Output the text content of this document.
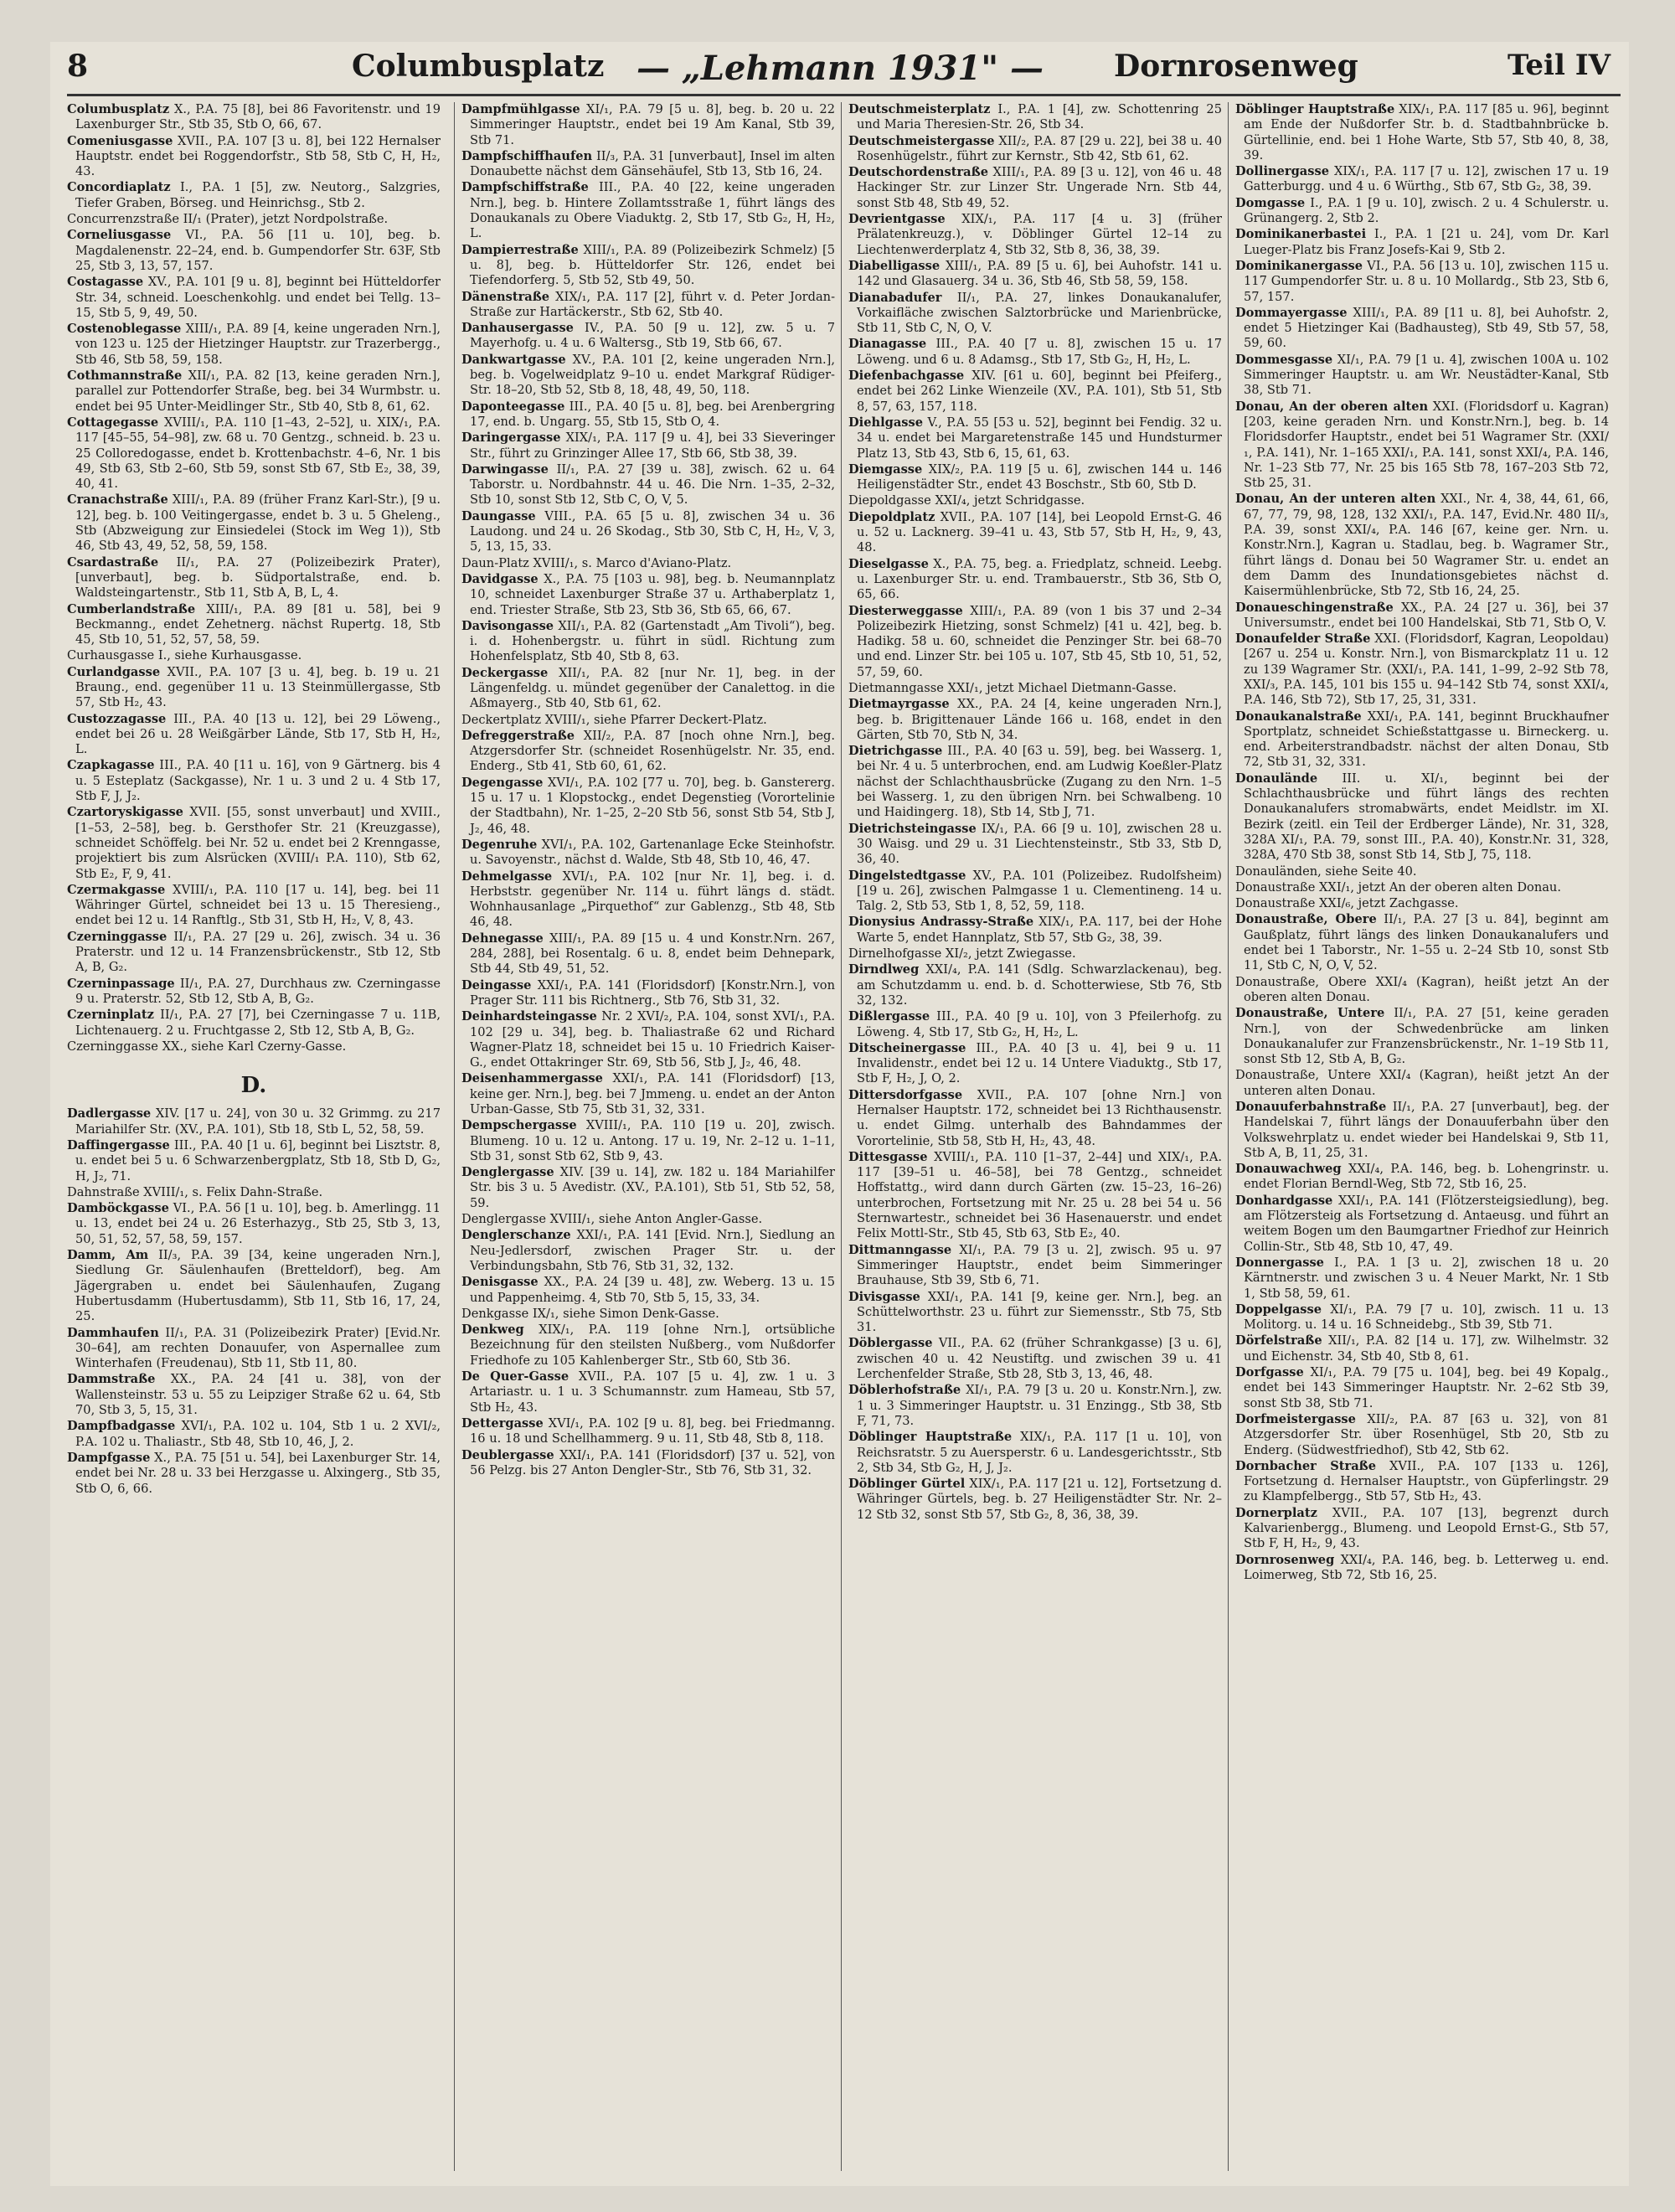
8	Columbusplatz — „Lehmann 1931" — Dornrosenweg	Teil IV
Columbusplatz X., P.A. 75 [8], bei 86 Favoritenstr. und 19 Laxenburger Str., Stb 35, Stb O, 66, 67.
Comeniusgasse XVII., P.A. 107 [3 u. 8], bei 122 Hernalser Hauptstr. endet bei Roggendorfstr., Stb 58, Stb C, H, H₂, 43.
Concordiaplatz I., P.A. 1 [5], zw. Neutorg., Salzgries, Tiefer Graben, Börseg. und Heinrichsg., Stb 2.
Concurrenzstraße II/₁ (Prater), jetzt Nordpolstraße.
Corneliusgasse VI., P.A. 56 [11 u. 10], beg. b. Magdalenenstr. 22–24, end. b. Gumpendorfer Str. 63F, Stb 25, Stb 3, 13, 57, 157.
Costagasse XV., P.A. 101 [9 u. 8], beginnt bei Hütteldorfer Str. 34, schneid. Loeschenkohlg. und endet bei Tellg. 13–15, Stb 5, 9, 49, 50.
Costenoblegasse XIII/₁, P.A. 89 [4, keine ungeraden Nrn.], von 123 u. 125 der Hietzinger Hauptstr. zur Trazerbergg., Stb 46, Stb 58, 59, 158.
Cothmannstraße XII/₁, P.A. 82 [13, keine geraden Nrn.], parallel zur Pottendorfer Straße, beg. bei 34 Wurmbstr. u. endet bei 95 Unter-Meidlinger Str., Stb 40, Stb 8, 61, 62.
Cottagegasse XVIII/₁, P.A. 110 [1–43, 2–52], u. XIX/₁, P.A. 117 [45–55, 54–98], zw. 68 u. 70 Gentzg., schneid. b. 23 u. 25 Colloredogasse, endet b. Krottenbachstr. 4–6, Nr. 1 bis 49, Stb 63, Stb 2–60, Stb 59, sonst Stb 67, Stb E₂, 38, 39, 40, 41.
Cranachstraße XIII/₁, P.A. 89 (früher Franz Karl-Str.), [9 u. 12], beg. b. 100 Veitingergasse, endet b. 3 u. 5 Gheleng., Stb (Abzweigung zur Einsiedelei (Stock im Weg 1)), Stb 46, Stb 43, 49, 52, 58, 59, 158.
Csardastraße II/₁, P.A. 27 (Polizeibezirk Prater), [unverbaut], beg. b. Südportalstraße, end. b. Waldsteingartenstr., Stb 11, Stb A, B, L, 4.
Cumberlandstraße XIII/₁, P.A. 89 [81 u. 58], bei 9 Beckmanng., endet Zehetnerg. nächst Rupertg. 18, Stb 45, Stb 10, 51, 52, 57, 58, 59.
Curhausgasse I., siehe Kurhausgasse.
Curlandgasse XVII., P.A. 107 [3 u. 4], beg. b. 19 u. 21 Braung., end. gegenüber 11 u. 13 Steinmüllergasse, Stb 57, Stb H₂, 43.
Custozzagasse III., P.A. 40 [13 u. 12], bei 29 Löweng., endet bei 26 u. 28 Weißgärber Lände, Stb 17, Stb H, H₂, L.
Czapkagasse III., P.A. 40 [11 u. 16], von 9 Gärtnerg. bis 4 u. 5 Esteplatz (Sackgasse), Nr. 1 u. 3 und 2 u. 4 Stb 17, Stb F, J, J₂.
Czartoryskigasse XVII. [55, sonst unverbaut] und XVIII., [1–53, 2–58], beg. b. Gersthofer Str. 21 (Kreuzgasse), schneidet Schöffelg. bei Nr. 52 u. endet bei 2 Krenngasse, projektiert bis zum Alsrücken (XVIII/₁ P.A. 110), Stb 62, Stb E₂, F, 9, 41.
Czermakgasse XVIII/₁, P.A. 110 [17 u. 14], beg. bei 11 Währinger Gürtel, schneidet bei 13 u. 15 Theresieng., endet bei 12 u. 14 Ranftlg., Stb 31, Stb H, H₂, V, 8, 43.
Czerninggasse II/₁, P.A. 27 [29 u. 26], zwisch. 34 u. 36 Praterstr. und 12 u. 14 Franzensbrückenstr., Stb 12, Stb A, B, G₂.
Czerninpassage II/₁, P.A. 27, Durchhaus zw. Czerningasse 9 u. Praterstr. 52, Stb 12, Stb A, B, G₂.
Czerninplatz II/₁, P.A. 27 [7], bei Czerningasse 7 u. 11B, Lichtenauerg. 2 u. Fruchtgasse 2, Stb 12, Stb A, B, G₂.
Czerninggasse XX., siehe Karl Czerny-Gasse.
D.
Dadlergasse XIV. [17 u. 24], von 30 u. 32 Grimmg. zu 217 Mariahilfer Str. (XV., P.A. 101), Stb 18, Stb L, 52, 58, 59.
Daffingergasse III., P.A. 40 [1 u. 6], beginnt bei Lisztstr. 8, u. endet bei 5 u. 6 Schwarzenbergplatz, Stb 18, Stb D, G₂, H, J₂, 71.
Dahnstraße XVIII/₁, s. Felix Dahn-Straße.
Damböckgasse VI., P.A. 56 [1 u. 10], beg. b. Amerlingg. 11 u. 13, endet bei 24 u. 26 Esterhazyg., Stb 25, Stb 3, 13, 50, 51, 52, 57, 58, 59, 157.
Damm, Am II/₃, P.A. 39 [34, keine ungeraden Nrn.], Siedlung Gr. Säulenhaufen (Bretteldorf), beg. Am Jägergraben u. endet bei Säulenhaufen, Zugang Hubertusdamm (Hubertusdamm), Stb 11, Stb 16, 17, 24, 25.
Dammhaufen II/₁, P.A. 31 (Polizeibezirk Prater) [Evid.Nr. 30–64], am rechten Donauufer, von Aspernallee zum Winterhafen (Freudenau), Stb 11, Stb 11, 80.
Dammstraße XX., P.A. 24 [41 u. 38], von der Wallensteinstr. 53 u. 55 zu Leipziger Straße 62 u. 64, Stb 70, Stb 3, 5, 15, 31.
Dampfbadgasse XVI/₁, P.A. 102 u. 104, Stb 1 u. 2 XVI/₂, P.A. 102 u. Thaliastr., Stb 48, Stb 10, 46, J, 2.
Dampfgasse X., P.A. 75 [51 u. 54], bei Laxenburger Str. 14, endet bei Nr. 28 u. 33 bei Herzgasse u. Alxingerg., Stb 35, Stb O, 6, 66.
Dampfmühlgasse XI/₁, P.A. 79 [5 u. 8], beg. b. 20 u. 22 Simmeringer Hauptstr., endet bei 19 Am Kanal, Stb 39, Stb 71.
Dampfschiffhaufen II/₃, P.A. 31 [unverbaut], Insel im alten Donaubette nächst dem Gänsehäufel, Stb 13, Stb 16, 24.
Dampfschiffstraße III., P.A. 40 [22, keine ungeraden Nrn.], beg. b. Hintere Zollamtsstraße 1, führt längs des Donaukanals zu Obere Viaduktg. 2, Stb 17, Stb G₂, H, H₂, L.
Dampierrestraße XIII/₁, P.A. 89 (Polizeibezirk Schmelz) [5 u. 8], beg. b. Hütteldorfer Str. 126, endet bei Tiefendorferg. 5, Stb 52, Stb 49, 50.
Dänenstraße XIX/₁, P.A. 117 [2], führt v. d. Peter Jordan-Straße zur Hartäckerstr., Stb 62, Stb 40.
Danhausergasse IV., P.A. 50 [9 u. 12], zw. 5 u. 7 Mayerhofg. u. 4 u. 6 Waltersg., Stb 19, Stb 66, 67.
Dankwartgasse XV., P.A. 101 [2, keine ungeraden Nrn.], beg. b. Vogelweidplatz 9–10 u. endet Markgraf Rüdiger-Str. 18–20, Stb 52, Stb 8, 18, 48, 49, 50, 118.
Daponteegasse III., P.A. 40 [5 u. 8], beg. bei Arenbergring 17, end. b. Ungarg. 55, Stb 15, Stb O, 4.
Daringergasse XIX/₁, P.A. 117 [9 u. 4], bei 33 Sieveringer Str., führt zu Grinzinger Allee 17, Stb 66, Stb 38, 39.
Darwingasse II/₁, P.A. 27 [39 u. 38], zwisch. 62 u. 64 Taborstr. u. Nordbahnstr. 44 u. 46. Die Nrn. 1–35, 2–32, Stb 10, sonst Stb 12, Stb C, O, V, 5.
Daungasse VIII., P.A. 65 [5 u. 8], zwischen 34 u. 36 Laudong. und 24 u. 26 Skodag., Stb 30, Stb C, H, H₂, V, 3, 5, 13, 15, 33.
Daun-Platz XVIII/₁, s. Marco d'Aviano-Platz.
Davidgasse X., P.A. 75 [103 u. 98], beg. b. Neumannplatz 10, schneidet Laxenburger Straße 37 u. Arthaberplatz 1, end. Triester Straße, Stb 23, Stb 36, Stb 65, 66, 67.
Davisongasse XII/₁, P.A. 82 (Gartenstadt „Am Tivoli“), beg. i. d. Hohenbergstr. u. führt in südl. Richtung zum Hohenfelsplatz, Stb 40, Stb 8, 63.
Deckergasse XII/₁, P.A. 82 [nur Nr. 1], beg. in der Längenfeldg. u. mündet gegenüber der Canalettog. in die Aßmayerg., Stb 40, Stb 61, 62.
Deckertplatz XVIII/₁, siehe Pfarrer Deckert-Platz.
Defreggerstraße XII/₂, P.A. 87 [noch ohne Nrn.], beg. Atzgersdorfer Str. (schneidet Rosenhügelstr. Nr. 35, end. Enderg., Stb 41, Stb 60, 61, 62.
Degengasse XVI/₁, P.A. 102 [77 u. 70], beg. b. Ganstererg. 15 u. 17 u. 1 Klopstockg., endet Degenstieg (Vorortelinie der Stadtbahn), Nr. 1–25, 2–20 Stb 56, sonst Stb 54, Stb J, J₂, 46, 48.
Degenruhe XVI/₁, P.A. 102, Gartenanlage Ecke Steinhofstr. u. Savoyenstr., nächst d. Walde, Stb 48, Stb 10, 46, 47.
Dehmelgasse XVI/₁, P.A. 102 [nur Nr. 1], beg. i. d. Herbststr. gegenüber Nr. 114 u. führt längs d. städt. Wohnhausanlage „Pirquethof“ zur Gablenzg., Stb 48, Stb 46, 48.
Dehnegasse XIII/₁, P.A. 89 [15 u. 4 und Konstr.Nrn. 267, 284, 288], bei Rosentalg. 6 u. 8, endet beim Dehnepark, Stb 44, Stb 49, 51, 52.
Deingasse XXI/₁, P.A. 141 (Floridsdorf) [Konstr.Nrn.], von Prager Str. 111 bis Richtnerg., Stb 76, Stb 31, 32.
Deinhardsteingasse Nr. 2 XVI/₂, P.A. 104, sonst XVI/₁, P.A. 102 [29 u. 34], beg. b. Thaliastraße 62 und Richard Wagner-Platz 18, schneidet bei 15 u. 10 Friedrich Kaiser-G., endet Ottakringer Str. 69, Stb 56, Stb J, J₂, 46, 48.
Deisenhammergasse XXI/₁, P.A. 141 (Floridsdorf) [13, keine ger. Nrn.], beg. bei 7 Jmmeng. u. endet an der Anton Urban-Gasse, Stb 75, Stb 31, 32, 331.
Dempschergasse XVIII/₁, P.A. 110 [19 u. 20], zwisch. Blumeng. 10 u. 12 u. Antong. 17 u. 19, Nr. 2–12 u. 1–11, Stb 31, sonst Stb 62, Stb 9, 43.
Denglergasse XIV. [39 u. 14], zw. 182 u. 184 Mariahilfer Str. bis 3 u. 5 Avedistr. (XV., P.A.101), Stb 51, Stb 52, 58, 59.
Denglergasse XVIII/₁, siehe Anton Angler-Gasse.
Denglerschanze XXI/₁, P.A. 141 [Evid. Nrn.], Siedlung an Neu-Jedlersdorf, zwischen Prager Str. u. der Verbindungsbahn, Stb 76, Stb 31, 32, 132.
Denisgasse XX., P.A. 24 [39 u. 48], zw. Weberg. 13 u. 15 und Pappenheimg. 4, Stb 70, Stb 5, 15, 33, 34.
Denkgasse IX/₁, siehe Simon Denk-Gasse.
Denkweg XIX/₁, P.A. 119 [ohne Nrn.], ortsübliche Bezeichnung für den steilsten Nußberg., vom Nußdorfer Friedhofe zu 105 Kahlenberger Str., Stb 60, Stb 36.
De Quer-Gasse XVII., P.A. 107 [5 u. 4], zw. 1 u. 3 Artariastr. u. 1 u. 3 Schumannstr. zum Hameau, Stb 57, Stb H₂, 43.
Dettergasse XVI/₁, P.A. 102 [9 u. 8], beg. bei Friedmanng. 16 u. 18 und Schellhammerg. 9 u. 11, Stb 48, Stb 8, 118.
Deublergasse XXI/₁, P.A. 141 (Floridsdorf) [37 u. 52], von 56 Pelzg. bis 27 Anton Dengler-Str., Stb 76, Stb 31, 32.
Deutschmeisterplatz I., P.A. 1 [4], zw. Schottenring 25 und Maria Theresien-Str. 26, Stb 34.
Deutschmeistergasse XII/₂, P.A. 87 [29 u. 22], bei 38 u. 40 Rosenhügelstr., führt zur Kernstr., Stb 42, Stb 61, 62.
Deutschordenstraße XIII/₁, P.A. 89 [3 u. 12], von 46 u. 48 Hackinger Str. zur Linzer Str. Ungerade Nrn. Stb 44, sonst Stb 48, Stb 49, 52.
Devrientgasse XIX/₁, P.A. 117 [4 u. 3] (früher Prälatenkreuzg.), v. Döblinger Gürtel 12–14 zu Liechtenwerderplatz 4, Stb 32, Stb 8, 36, 38, 39.
Diabelligasse XIII/₁, P.A. 89 [5 u. 6], bei Auhofstr. 141 u. 142 und Glasauerg. 34 u. 36, Stb 46, Stb 58, 59, 158.
Dianabadufer II/₁, P.A. 27, linkes Donaukanalufer, Vorkaifläche zwischen Salztorbrücke und Marienbrücke, Stb 11, Stb C, N, O, V.
Dianagasse III., P.A. 40 [7 u. 8], zwischen 15 u. 17 Löweng. und 6 u. 8 Adamsg., Stb 17, Stb G₂, H, H₂, L.
Diefenbachgasse XIV. [61 u. 60], beginnt bei Pfeiferg., endet bei 262 Linke Wienzeile (XV., P.A. 101), Stb 51, Stb 8, 57, 63, 157, 118.
Diehlgasse V., P.A. 55 [53 u. 52], beginnt bei Fendig. 32 u. 34 u. endet bei Margaretenstraße 145 und Hundsturmer Platz 13, Stb 43, Stb 6, 15, 61, 63.
Diemgasse XIX/₂, P.A. 119 [5 u. 6], zwischen 144 u. 146 Heiligenstädter Str., endet 43 Boschstr., Stb 60, Stb D.
Diepoldgasse XXI/₄, jetzt Schridgasse.
Diepoldplatz XVII., P.A. 107 [14], bei Leopold Ernst-G. 46 u. 52 u. Lacknerg. 39–41 u. 43, Stb 57, Stb H, H₂, 9, 43, 48.
Dieselgasse X., P.A. 75, beg. a. Friedplatz, schneid. Leebg. u. Laxenburger Str. u. end. Trambauerstr., Stb 36, Stb O, 65, 66.
Diesterweggasse XIII/₁, P.A. 89 (von 1 bis 37 und 2–34 Polizeibezirk Hietzing, sonst Schmelz) [41 u. 42], beg. b. Hadikg. 58 u. 60, schneidet die Penzinger Str. bei 68–70 und end. Linzer Str. bei 105 u. 107, Stb 45, Stb 10, 51, 52, 57, 59, 60.
Dietmanngasse XXI/₁, jetzt Michael Dietmann-Gasse.
Dietmayrgasse XX., P.A. 24 [4, keine ungeraden Nrn.], beg. b. Brigittenauer Lände 166 u. 168, endet in den Gärten, Stb 70, Stb N, 34.
Dietrichgasse III., P.A. 40 [63 u. 59], beg. bei Wasserg. 1, bei Nr. 4 u. 5 unterbrochen, end. am Ludwig Koeßler-Platz nächst der Schlachthausbrücke (Zugang zu den Nrn. 1–5 bei Wasserg. 1, zu den übrigen Nrn. bei Schwalbeng. 10 und Haidingerg. 18), Stb 14, Stb J, 71.
Dietrichsteingasse IX/₁, P.A. 66 [9 u. 10], zwischen 28 u. 30 Waisg. und 29 u. 31 Liechtensteinstr., Stb 33, Stb D, 36, 40.
Dingelstedtgasse XV., P.A. 101 (Polizeibez. Rudolfsheim) [19 u. 26], zwischen Palmgasse 1 u. Clementineng. 14 u. Talg. 2, Stb 53, Stb 1, 8, 52, 59, 118.
Dionysius Andrassy-Straße XIX/₁, P.A. 117, bei der Hohe Warte 5, endet Hannplatz, Stb 57, Stb G₂, 38, 39.
Dirnelhofgasse XI/₂, jetzt Zwiegasse.
Dirndlweg XXI/₄, P.A. 141 (Sdlg. Schwarzlackenau), beg. am Schutzdamm u. end. b. d. Schotterwiese, Stb 76, Stb 32, 132.
Dißlergasse III., P.A. 40 [9 u. 10], von 3 Pfeilerhofg. zu Löweng. 4, Stb 17, Stb G₂, H, H₂, L.
Ditscheinergasse III., P.A. 40 [3 u. 4], bei 9 u. 11 Invalidenstr., endet bei 12 u. 14 Untere Viaduktg., Stb 17, Stb F, H₂, J, O, 2.
Dittersdorfgasse XVII., P.A. 107 [ohne Nrn.] von Hernalser Hauptstr. 172, schneidet bei 13 Richthausenstr. u. endet Gilmg. unterhalb des Bahndammes der Vorortelinie, Stb 58, Stb H, H₂, 43, 48.
Dittesgasse XVIII/₁, P.A. 110 [1–37, 2–44] und XIX/₁, P.A. 117 [39–51 u. 46–58], bei 78 Gentzg., schneidet Hoffstattg., wird dann durch Gärten (zw. 15–23, 16–26) unterbrochen, Fortsetzung mit Nr. 25 u. 28 bei 54 u. 56 Sternwartestr., schneidet bei 36 Hasenauerstr. und endet Felix Mottl-Str., Stb 45, Stb 63, Stb E₂, 40.
Dittmanngasse XI/₁, P.A. 79 [3 u. 2], zwisch. 95 u. 97 Simmeringer Hauptstr., endet beim Simmeringer Brauhause, Stb 39, Stb 6, 71.
Divisgasse XXI/₁, P.A. 141 [9, keine ger. Nrn.], beg. an Schüttelworthstr. 23 u. führt zur Siemensstr., Stb 75, Stb 31.
Döblergasse VII., P.A. 62 (früher Schrankgasse) [3 u. 6], zwischen 40 u. 42 Neustiftg. und zwischen 39 u. 41 Lerchenfelder Straße, Stb 28, Stb 3, 13, 46, 48.
Döblerhofstraße XI/₁, P.A. 79 [3 u. 20 u. Konstr.Nrn.], zw. 1 u. 3 Simmeringer Hauptstr. u. 31 Enzingg., Stb 38, Stb F, 71, 73.
Döblinger Hauptstraße XIX/₁, P.A. 117 [1 u. 10], von Reichsratstr. 5 zu Auersperstr. 6 u. Landesgerichtsstr., Stb 2, Stb 34, Stb G₂, H, J, J₂.
Döblinger Gürtel XIX/₁, P.A. 117 [21 u. 12], Fortsetzung d. Währinger Gürtels, beg. b. 27 Heiligenstädter Str. Nr. 2–12 Stb 32, sonst Stb 57, Stb G₂, 8, 36, 38, 39.
Döblinger Hauptstraße XIX/₁, P.A. 117 [85 u. 96], beginnt am Ende der Nußdorfer Str. b. d. Stadtbahnbrücke b. Gürtellinie, end. bei 1 Hohe Warte, Stb 57, Stb 40, 8, 38, 39.
Dollinergasse XIX/₁, P.A. 117 [7 u. 12], zwischen 17 u. 19 Gatterburgg. und 4 u. 6 Würthg., Stb 67, Stb G₂, 38, 39.
Domgasse I., P.A. 1 [9 u. 10], zwisch. 2 u. 4 Schulerstr. u. Grünangerg. 2, Stb 2.
Dominikanerbastei I., P.A. 1 [21 u. 24], vom Dr. Karl Lueger-Platz bis Franz Josefs-Kai 9, Stb 2.
Dominikanergasse VI., P.A. 56 [13 u. 10], zwischen 115 u. 117 Gumpendorfer Str. u. 8 u. 10 Mollardg., Stb 23, Stb 6, 57, 157.
Dommayergasse XIII/₁, P.A. 89 [11 u. 8], bei Auhofstr. 2, endet 5 Hietzinger Kai (Badhausteg), Stb 49, Stb 57, 58, 59, 60.
Dommesgasse XI/₁, P.A. 79 [1 u. 4], zwischen 100A u. 102 Simmeringer Hauptstr. u. am Wr. Neustädter-Kanal, Stb 38, Stb 71.
Donau, An der oberen alten XXI. (Floridsdorf u. Kagran) [203, keine geraden Nrn. und Konstr.Nrn.], beg. b. 14 Floridsdorfer Hauptstr., endet bei 51 Wagramer Str. (XXI/₁, P.A. 141), Nr. 1–165 XXI/₁, P.A. 141, sonst XXI/₄, P.A. 146, Nr. 1–23 Stb 77, Nr. 25 bis 165 Stb 78, 167–203 Stb 72, Stb 25, 31.
Donau, An der unteren alten XXI., Nr. 4, 38, 44, 61, 66, 67, 77, 79, 98, 128, 132 XXI/₁, P.A. 147, Evid.Nr. 480 II/₃, P.A. 39, sonst XXI/₄, P.A. 146 [67, keine ger. Nrn. u. Konstr.Nrn.], Kagran u. Stadlau, beg. b. Wagramer Str., führt längs d. Donau bei 50 Wagramer Str. u. endet an dem Damm des Inundationsgebietes nächst d. Kaisermühlenbrücke, Stb 72, Stb 16, 24, 25.
Donaueschingenstraße XX., P.A. 24 [27 u. 36], bei 37 Universumstr., endet bei 100 Handelskai, Stb 71, Stb O, V.
Donaufelder Straße XXI. (Floridsdorf, Kagran, Leopoldau) [267 u. 254 u. Konstr. Nrn.], von Bismarckplatz 11 u. 12 zu 139 Wagramer Str. (XXI/₁, P.A. 141, 1–99, 2–92 Stb 78, XXI/₃, P.A. 145, 101 bis 155 u. 94–142 Stb 74, sonst XXI/₄, P.A. 146, Stb 72), Stb 17, 25, 31, 331.
Donaukanalstraße XXI/₁, P.A. 141, beginnt Bruckhaufner Sportplatz, schneidet Schießstattgasse u. Birneckerg. u. end. Arbeiterstrandbadstr. nächst der alten Donau, Stb 72, Stb 31, 32, 331.
Donaulände III. u. XI/₁, beginnt bei der Schlachthausbrücke und führt längs des rechten Donaukanalufers stromabwärts, endet Meidlstr. im XI. Bezirk (zeitl. ein Teil der Erdberger Lände), Nr. 31, 328, 328A XI/₁, P.A. 79, sonst III., P.A. 40), Konstr.Nr. 31, 328, 328A, 470 Stb 38, sonst Stb 14, Stb J, 75, 118.
Donauländen, siehe Seite 40.
Donaustraße XXI/₁, jetzt An der oberen alten Donau.
Donaustraße XXI/₆, jetzt Zachgasse.
Donaustraße, Obere II/₁, P.A. 27 [3 u. 84], beginnt am Gaußplatz, führt längs des linken Donaukanalufers und endet bei 1 Taborstr., Nr. 1–55 u. 2–24 Stb 10, sonst Stb 11, Stb C, N, O, V, 52.
Donaustraße, Obere XXI/₄ (Kagran), heißt jetzt An der oberen alten Donau.
Donaustraße, Untere II/₁, P.A. 27 [51, keine geraden Nrn.], von der Schwedenbrücke am linken Donaukanalufer zur Franzensbrückenstr., Nr. 1–19 Stb 11, sonst Stb 12, Stb A, B, G₂.
Donaustraße, Untere XXI/₄ (Kagran), heißt jetzt An der unteren alten Donau.
Donauuferbahnstraße II/₁, P.A. 27 [unverbaut], beg. der Handelskai 7, führt längs der Donauuferbahn über den Volkswehrplatz u. endet wieder bei Handelskai 9, Stb 11, Stb A, B, 11, 25, 31.
Donauwachweg XXI/₄, P.A. 146, beg. b. Lohengrinstr. u. endet Florian Berndl-Weg, Stb 72, Stb 16, 25.
Donhardgasse XXI/₁, P.A. 141 (Flötzersteigsiedlung), beg. am Flötzersteig als Fortsetzung d. Antaeusg. und führt an weitem Bogen um den Baumgartner Friedhof zur Heinrich Collin-Str., Stb 48, Stb 10, 47, 49.
Donnergasse I., P.A. 1 [3 u. 2], zwischen 18 u. 20 Kärntnerstr. und zwischen 3 u. 4 Neuer Markt, Nr. 1 Stb 1, Stb 58, 59, 61.
Doppelgasse XI/₁, P.A. 79 [7 u. 10], zwisch. 11 u. 13 Molitorg. u. 14 u. 16 Schneidebg., Stb 39, Stb 71.
Dörfelstraße XII/₁, P.A. 82 [14 u. 17], zw. Wilhelmstr. 32 und Eichenstr. 34, Stb 40, Stb 8, 61.
Dorfgasse XI/₁, P.A. 79 [75 u. 104], beg. bei 49 Kopalg., endet bei 143 Simmeringer Hauptstr. Nr. 2–62 Stb 39, sonst Stb 38, Stb 71.
Dorfmeistergasse XII/₂, P.A. 87 [63 u. 32], von 81 Atzgersdorfer Str. über Rosenhügel, Stb 20, Stb zu Enderg. (Südwestfriedhof), Stb 42, Stb 62.
Dornbacher Straße XVII., P.A. 107 [133 u. 126], Fortsetzung d. Hernalser Hauptstr., von Güpferlingstr. 29 zu Klampfelbergg., Stb 57, Stb H₂, 43.
Dornerplatz XVII., P.A. 107 [13], begrenzt durch Kalvarienbergg., Blumeng. und Leopold Ernst-G., Stb 57, Stb F, H, H₂, 9, 43.
Dornrosenweg XXI/₄, P.A. 146, beg. b. Letterweg u. end. Loimerweg, Stb 72, Stb 16, 25.
